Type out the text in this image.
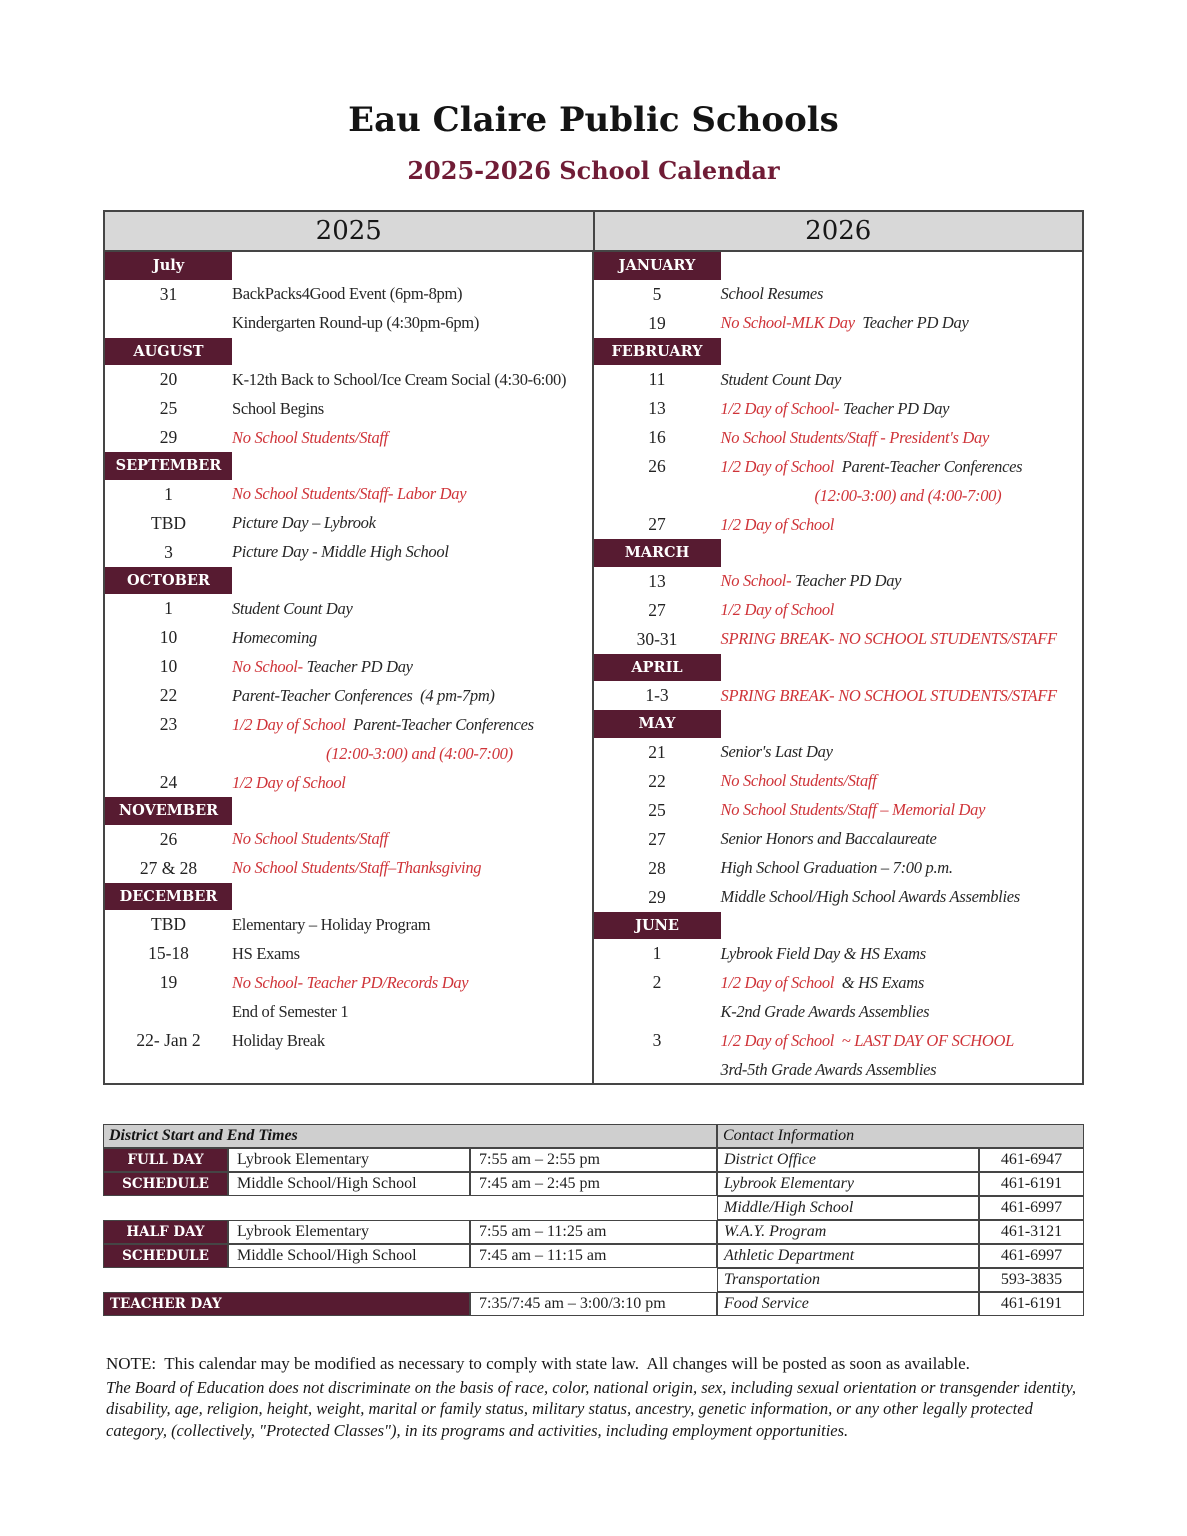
Eau Claire Public Schools
2025-2026 School Calendar
2025	2026
July
31	BackPacks4Good Event (6pm-8pm)
Kindergarten Round-up (4:30pm-6pm)
AUGUST
20	K-12th Back to School/Ice Cream Social (4:30-6:00)
25	School Begins
29	No School Students/Staff
SEPTEMBER
1	No School Students/Staff- Labor Day
TBD	Picture Day – Lybrook
3	Picture Day - Middle High School
OCTOBER
1	Student Count Day
10	Homecoming
10	No School- Teacher PD Day
22	Parent-Teacher Conferences  (4 pm-7pm)
23	1/2 Day of School  Parent-Teacher Conferences
(12:00-3:00) and (4:00-7:00)
24	1/2 Day of School
NOVEMBER
26	No School Students/Staff
27 & 28	No School Students/Staff–Thanksgiving
DECEMBER
TBD	Elementary – Holiday Program
15-18	HS Exams
19	No School- Teacher PD/Records Day
End of Semester 1
22- Jan 2	Holiday Break
JANUARY
5	School Resumes
19	No School-MLK Day  Teacher PD Day
FEBRUARY
11	Student Count Day
13	1/2 Day of School- Teacher PD Day
16	No School Students/Staff - President's Day
26	1/2 Day of School  Parent-Teacher Conferences
(12:00-3:00) and (4:00-7:00)
27	1/2 Day of School
MARCH
13	No School- Teacher PD Day
27	1/2 Day of School
30-31	SPRING BREAK- NO SCHOOL STUDENTS/STAFF
APRIL
1-3	SPRING BREAK- NO SCHOOL STUDENTS/STAFF
MAY
21	Senior's Last Day
22	No School Students/Staff
25	No School Students/Staff – Memorial Day
27	Senior Honors and Baccalaureate
28	High School Graduation – 7:00 p.m.
29	Middle School/High School Awards Assemblies
JUNE
1	Lybrook Field Day & HS Exams
2	1/2 Day of School  & HS Exams
K-2nd Grade Awards Assemblies
3	1/2 Day of School  ~ LAST DAY OF SCHOOL
3rd-5th Grade Awards Assemblies
District Start and End Times
FULL DAY	Lybrook Elementary	7:55 am – 2:55 pm
SCHEDULE	Middle School/High School	7:45 am – 2:45 pm
HALF DAY	Lybrook Elementary	7:55 am – 11:25 am
SCHEDULE	Middle School/High School	7:45 am – 11:15 am
TEACHER DAY	7:35/7:45 am – 3:00/3:10 pm
Contact Information
District Office	461-6947
Lybrook Elementary	461-6191
Middle/High School	461-6997
W.A.Y. Program	461-3121
Athletic Department	461-6997
Transportation	593-3835
Food Service	461-6191
NOTE:  This calendar may be modified as necessary to comply with state law.  All changes will be posted as soon as available.
The Board of Education does not discriminate on the basis of race, color, national origin, sex, including sexual orientation or transgender identity, disability, age, religion, height, weight, marital or family status, military status, ancestry, genetic information, or any other legally protected category, (collectively, "Protected Classes"), in its programs and activities, including employment opportunities.
